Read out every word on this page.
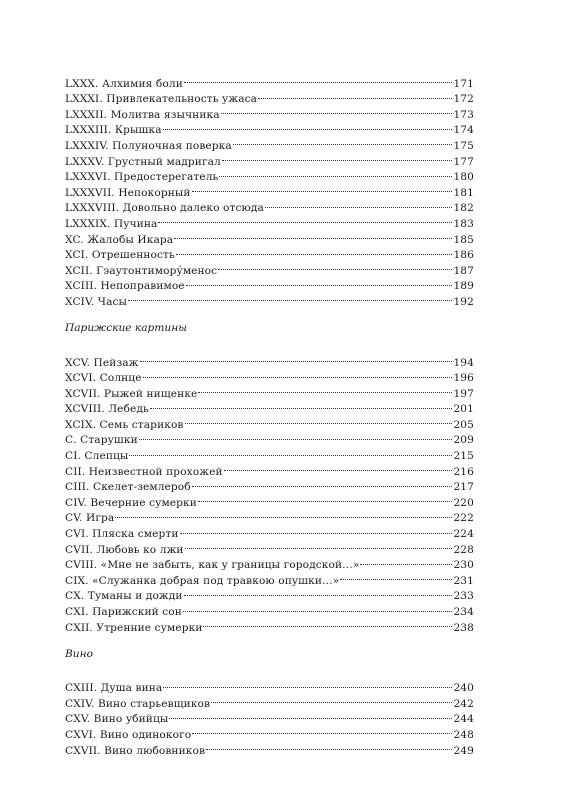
LXXX. Алхимия боли	171
LXXXI. Привлекательность ужаса	172
LXXXII. Молитва язычника	173
LXXXIII. Крышка	174
LXXXIV. Полуночная поверка	175
LXXXV. Грустный мадригал	177
LXXXVI. Предостерегатель	180
LXXXVII. Непокорный	181
LXXXVIII. Довольно далеко отсюда	182
LXXXIX. Пучина	183
XC. Жалобы Икара	185
XCI. Отрешенность	186
XCII. Гэаутонтимору́менос	187
XCIII. Непоправимое	189
XCIV. Часы	192

Парижские картины

XCV. Пейзаж	194
XCVI. Солнце	196
XCVII. Рыжей нищенке	197
XCVIII. Лебедь	201
XCIX. Семь стариков	205
С. Старушки	209
CI. Слепцы	215
CII. Неизвестной прохожей	216
CIII. Скелет-землероб	217
CIV. Вечерние сумерки	220
CV. Игра	222
CVI. Пляска смерти	224
CVII. Любовь ко лжи	228
CVIII. «Мне не забыть, как у границы городской…»	230
CIX. «Служанка добрая под травкою опушки…»	231
CX. Туманы и дожди	233
CXI. Парижский сон	234
CXII. Утренние сумерки	238

Вино

CXIII. Душа вина	240
CXIV. Вино старьевщиков	242
CXV. Вино убийцы	244
CXVI. Вино одинокого	248
CXVII. Вино любовников	249
